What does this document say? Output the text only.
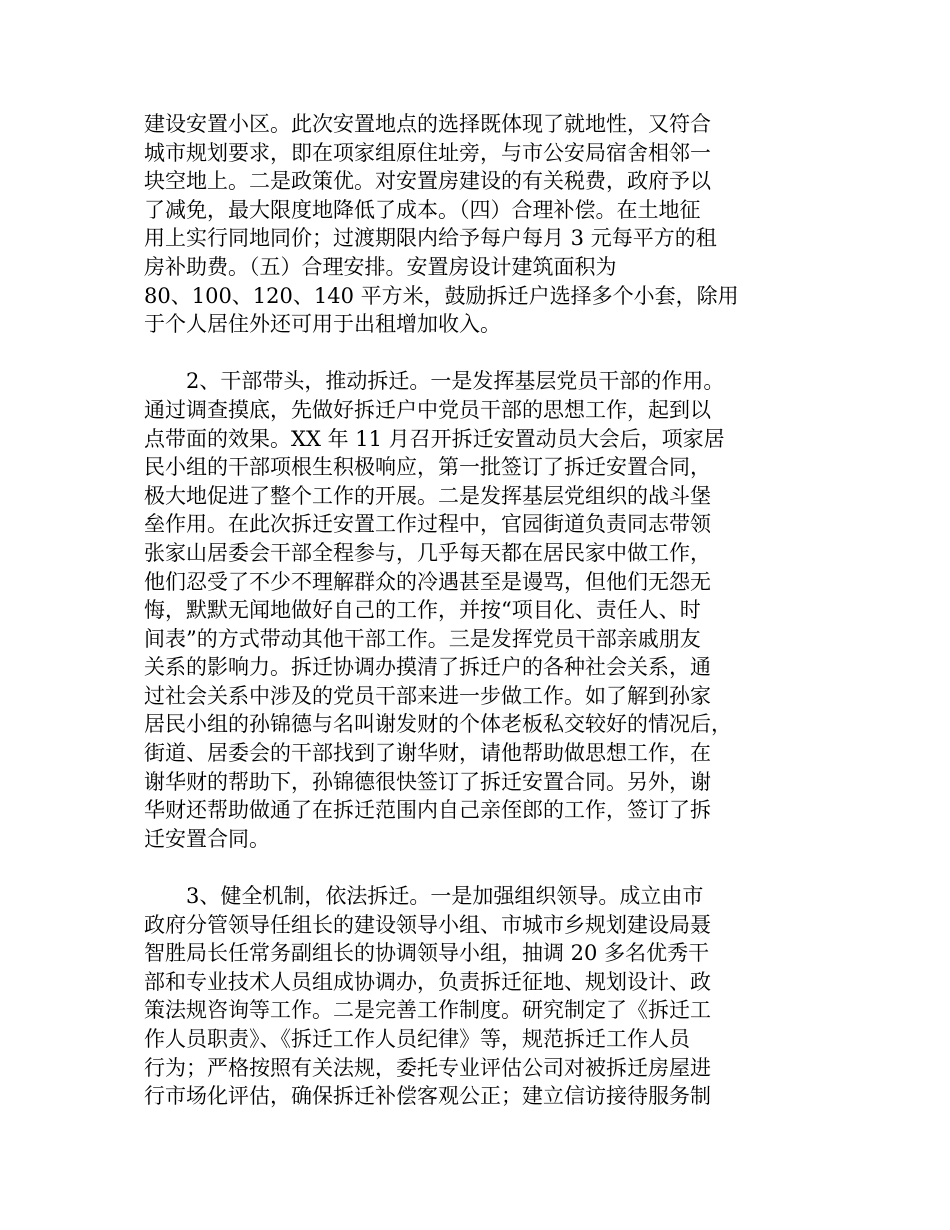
建设安置小区。此次安置地点的选择既体现了就地性，又符合
城市规划要求，即在项家组原住址旁，与市公安局宿舍相邻一
块空地上。二是政策优。对安置房建设的有关税费，政府予以
了减免，最大限度地降低了成本。（四）合理补偿。在土地征
用上实行同地同价；过渡期限内给予每户每月 3 元每平方的租
房补助费。（五）合理安排。安置房设计建筑面积为
80、100、120、140 平方米，鼓励拆迁户选择多个小套，除用
于个人居住外还可用于出租增加收入。
2、干部带头，推动拆迁。一是发挥基层党员干部的作用。
通过调查摸底，先做好拆迁户中党员干部的思想工作，起到以
点带面的效果。XX 年 11 月召开拆迁安置动员大会后，项家居
民小组的干部项根生积极响应，第一批签订了拆迁安置合同，
极大地促进了整个工作的开展。二是发挥基层党组织的战斗堡
垒作用。在此次拆迁安置工作过程中，官园街道负责同志带领
张家山居委会干部全程参与，几乎每天都在居民家中做工作，
他们忍受了不少不理解群众的冷遇甚至是谩骂，但他们无怨无
悔，默默无闻地做好自己的工作，并按“项目化、责任人、时
间表”的方式带动其他干部工作。三是发挥党员干部亲戚朋友
关系的影响力。拆迁协调办摸清了拆迁户的各种社会关系，通
过社会关系中涉及的党员干部来进一步做工作。如了解到孙家
居民小组的孙锦德与名叫谢发财的个体老板私交较好的情况后，
街道、居委会的干部找到了谢华财，请他帮助做思想工作，在
谢华财的帮助下，孙锦德很快签订了拆迁安置合同。另外，谢
华财还帮助做通了在拆迁范围内自己亲侄郎的工作，签订了拆
迁安置合同。
3、健全机制，依法拆迁。一是加强组织领导。成立由市
政府分管领导任组长的建设领导小组、市城市乡规划建设局聂
智胜局长任常务副组长的协调领导小组，抽调 20 多名优秀干
部和专业技术人员组成协调办，负责拆迁征地、规划设计、政
策法规咨询等工作。二是完善工作制度。研究制定了《拆迁工
作人员职责》、《拆迁工作人员纪律》等，规范拆迁工作人员
行为；严格按照有关法规，委托专业评估公司对被拆迁房屋进
行市场化评估，确保拆迁补偿客观公正；建立信访接待服务制
